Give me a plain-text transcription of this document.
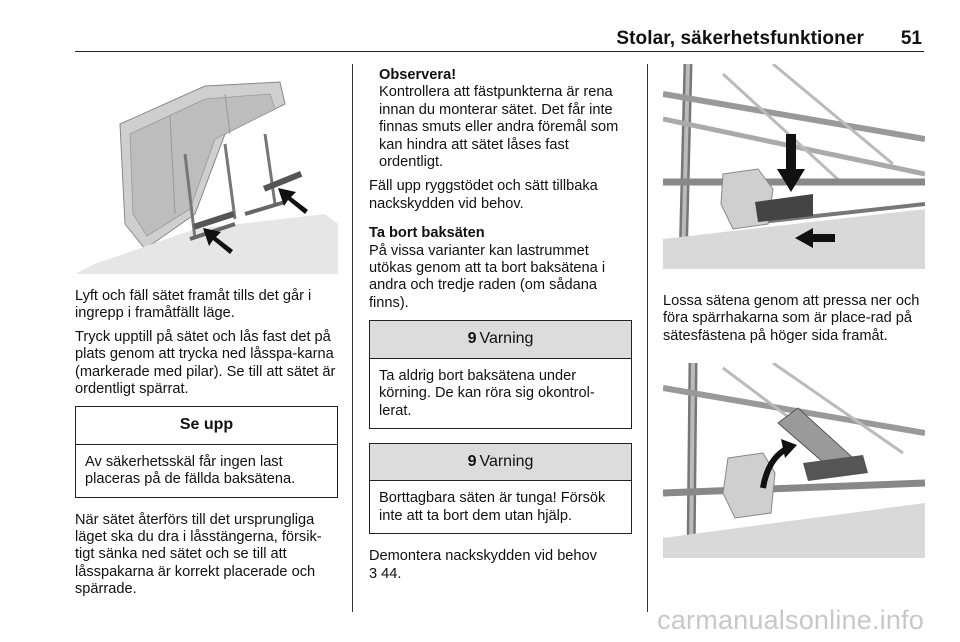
Stolar, säkerhetsfunktioner 51

Lyft och fäll sätet framåt tills det går i ingrepp i framåtfällt läge.

Tryck upptill på sätet och lås fast det på plats genom att trycka ned låsspa-karna (markerade med pilar). Se till att sätet är ordentligt spärrat.

Se upp
Av säkerhetsskäl får ingen last placeras på de fällda baksätena.

När sätet återförs till det ursprungliga läget ska du dra i låsstängerna, försik-tigt sänka ned sätet och se till att låsspakarna är korrekt placerade och spärrade.

Observera!
Kontrollera att fästpunkterna är rena innan du monterar sätet. Det får inte finnas smuts eller andra föremål som kan hindra att sätet låses fast ordentligt.

Fäll upp ryggstödet och sätt tillbaka nackskydden vid behov.

Ta bort baksäten

På vissa varianter kan lastrummet utökas genom att ta bort baksätena i andra och tredje raden (om sådana finns).

9 Varning
Ta aldrig bort baksätena under körning. De kan röra sig okontrol-lerat.
9 Varning
Borttagbara säten är tunga! Försök inte att ta bort dem utan hjälp.

Demontera nackskydden vid behov
3 44.

Lossa sätena genom att pressa ner och föra spärrhakarna som är place-rad på sätesfästena på höger sida framåt.

carmanualsonline.info
